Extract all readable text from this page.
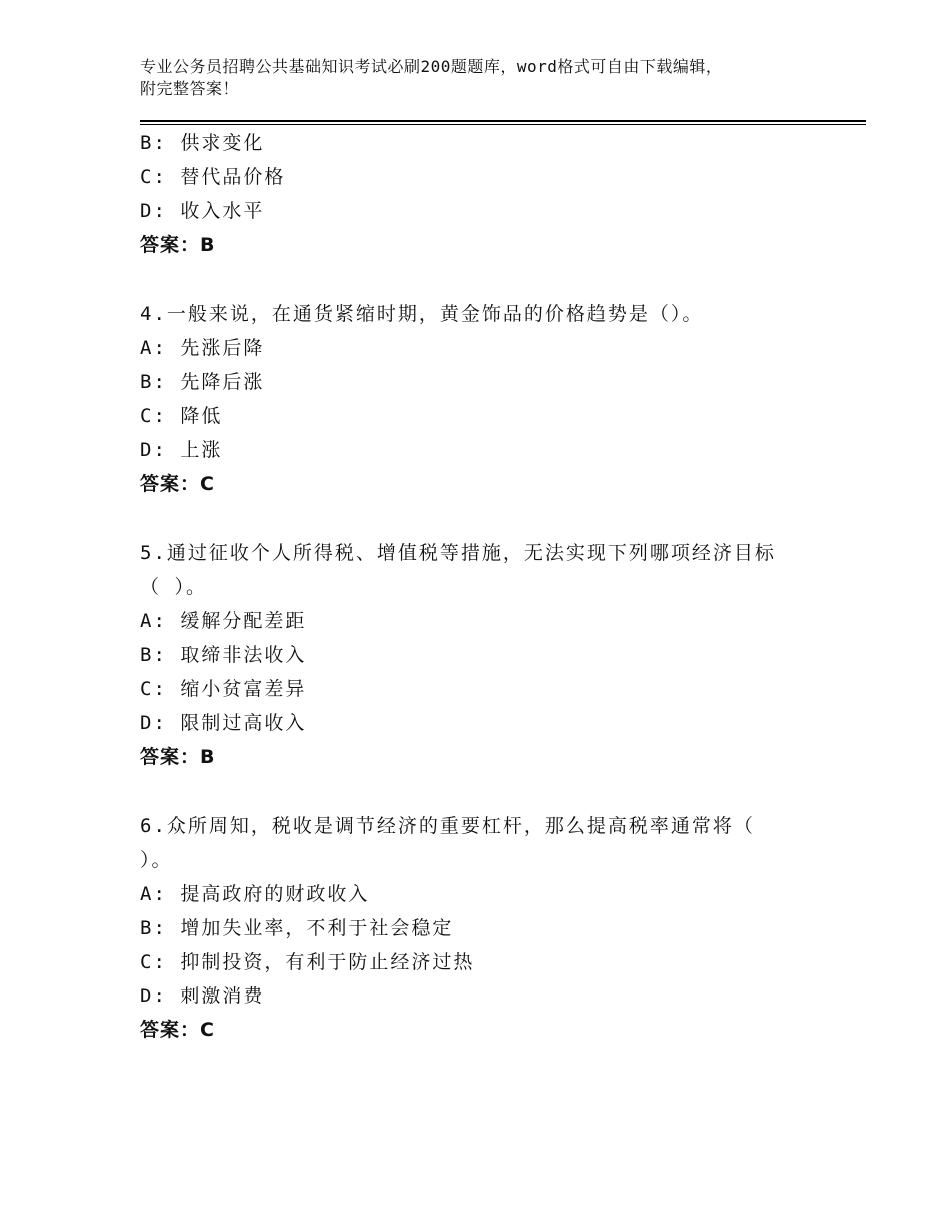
专业公务员招聘公共基础知识考试必刷200题题库，word格式可自由下载编辑，
附完整答案！
B: 供求变化
C: 替代品价格
D: 收入水平
答案：B
4.一般来说，在通货紧缩时期，黄金饰品的价格趋势是（）。
A: 先涨后降
B: 先降后涨
C: 降低
D: 上涨
答案：C
5.通过征收个人所得税、增值税等措施，无法实现下列哪项经济目标
（ ）。
A: 缓解分配差距
B: 取缔非法收入
C: 缩小贫富差异
D: 限制过高收入
答案：B
6.众所周知，税收是调节经济的重要杠杆，那么提高税率通常将（
）。
A: 提高政府的财政收入
B: 增加失业率，不利于社会稳定
C: 抑制投资，有利于防止经济过热
D: 刺激消费
答案：C
